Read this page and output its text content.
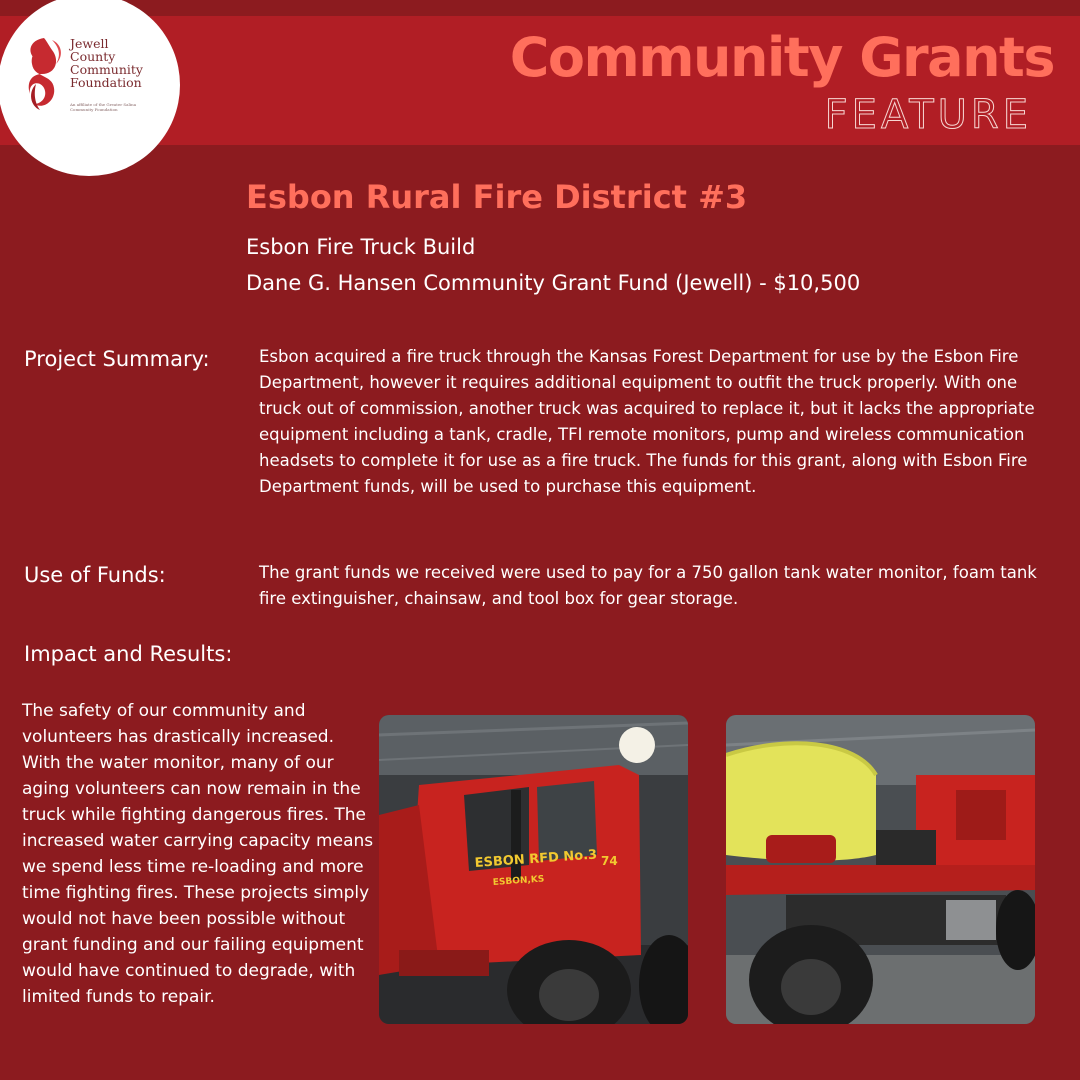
Jewell
County
Community
Foundation
An affiliate of the Greater Salina Community Foundation
Community Grants
FEATURE
Esbon Rural Fire District #3
Esbon Fire Truck Build
Dane G. Hansen Community Grant Fund (Jewell) - $10,500
Project Summary:	Esbon acquired a fire truck through the Kansas Forest Department for use by the Esbon Fire Department, however it requires additional equipment to outfit the truck properly. With one truck out of commission, another truck was acquired to replace it, but it lacks the appropriate equipment including a tank, cradle, TFI remote monitors, pump and wireless communication headsets to complete it for use as a fire truck. The funds for this grant, along with Esbon Fire Department funds, will be used to purchase this equipment.
Use of Funds:	The grant funds we received were used to pay for a 750 gallon tank water monitor, foam tank fire extinguisher, chainsaw, and tool box for gear storage.
Impact and Results:
The safety of our community and volunteers has drastically increased. With the water monitor, many of our aging volunteers can now remain in the truck while fighting dangerous fires. The increased water carrying capacity means we spend less time re-loading and more time fighting fires. These projects simply would not have been possible without grant funding and our failing equipment would have continued to degrade, with limited funds to repair.
ESBON RFD No.3
ESBON,KS
74
